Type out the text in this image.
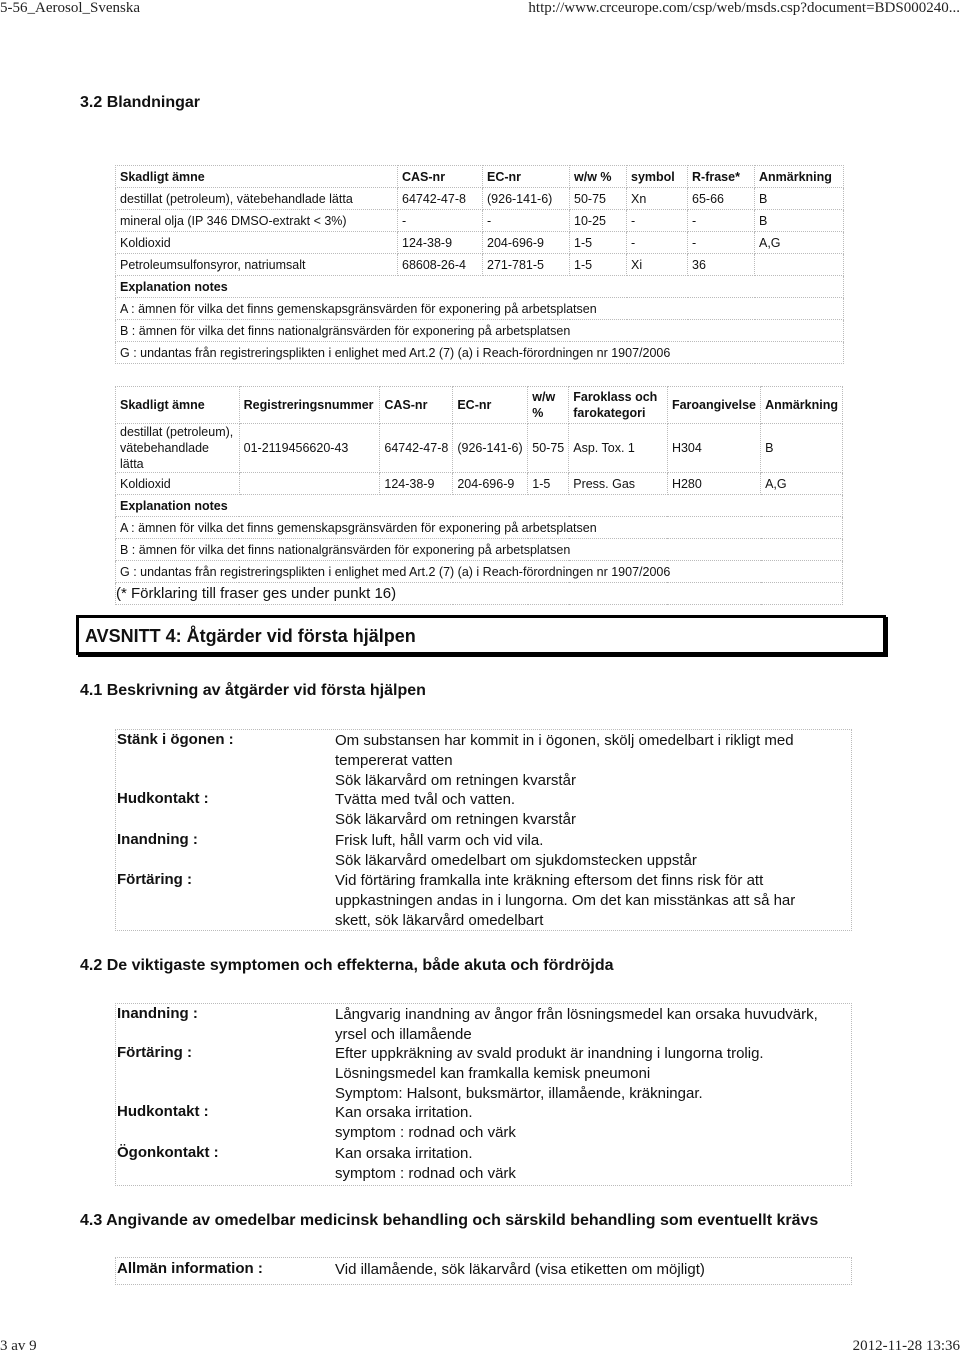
5-56_Aerosol_Svenska	http://www.crceurope.com/csp/web/msds.csp?document=BDS000240...
3.2 Blandningar
Skadligt ämne	CAS-nr	EC-nr	w/w %	symbol	R-frase*	Anmärkning
destillat (petroleum), vätebehandlade lätta	64742-47-8	(926-141-6)	50-75	Xn	65-66	B
mineral olja (IP 346 DMSO-extrakt < 3%)	-	-	10-25	-	-	B
Koldioxid	124-38-9	204-696-9	1-5	-	-	A,G
Petroleumsulfonsyror, natriumsalt	68608-26-4	271-781-5	1-5	Xi	36	
Explanation notes						
A : ämnen för vilka det finns gemenskapsgränsvärden för exponering på arbetsplatsen						
B : ämnen för vilka det finns nationalgränsvärden för exponering på arbetsplatsen						
G : undantas från registreringsplikten i enlighet med Art.2 (7) (a) i Reach-förordningen nr 1907/2006						
Skadligt ämne	Registreringsnummer	CAS-nr	EC-nr	w/w %	Faroklass och farokategori	Faroangivelse	Anmärkning
destillat (petroleum), vätebehandlade lätta	01-2119456620-43	64742-47-8	(926-141-6)	50-75	Asp. Tox. 1	H304	B
Koldioxid		124-38-9	204-696-9	1-5	Press. Gas	H280	A,G
Explanation notes							
A : ämnen för vilka det finns gemenskapsgränsvärden för exponering på arbetsplatsen							
B : ämnen för vilka det finns nationalgränsvärden för exponering på arbetsplatsen							
G : undantas från registreringsplikten i enlighet med Art.2 (7) (a) i Reach-förordningen nr 1907/2006							
(* Förklaring till fraser ges under punkt 16)							
AVSNITT 4: Åtgärder vid första hjälpen
4.1 Beskrivning av åtgärder vid första hjälpen
Stänk i ögonen :	Om substansen har kommit in i ögonen, skölj omedelbart i rikligt med
tempererat vatten
Sök läkarvård om retningen kvarstår
Hudkontakt :	Tvätta med tvål och vatten.
Sök läkarvård om retningen kvarstår
Inandning :	Frisk luft, håll varm och vid vila.
Sök läkarvård omedelbart om sjukdomstecken uppstår
Förtäring :	Vid förtäring framkalla inte kräkning eftersom det finns risk för att
uppkastningen andas in i lungorna. Om det kan misstänkas att så har
skett, sök läkarvård omedelbart
4.2 De viktigaste symptomen och effekterna, både akuta och fördröjda
Inandning :	Långvarig inandning av ångor från lösningsmedel kan orsaka huvudvärk,
yrsel och illamående
Förtäring :	Efter uppkräkning av svald produkt är inandning i lungorna trolig.
Lösningsmedel kan framkalla kemisk pneumoni
Symptom: Halsont, buksmärtor, illamående, kräkningar.
Hudkontakt :	Kan orsaka irritation.
symptom : rodnad och värk
Ögonkontakt :	Kan orsaka irritation.
symptom : rodnad och värk
4.3 Angivande av omedelbar medicinsk behandling och särskild behandling som eventuellt krävs
Allmän information :	Vid illamående, sök läkarvård (visa etiketten om möjligt)
3 av 9	2012-11-28 13:36
